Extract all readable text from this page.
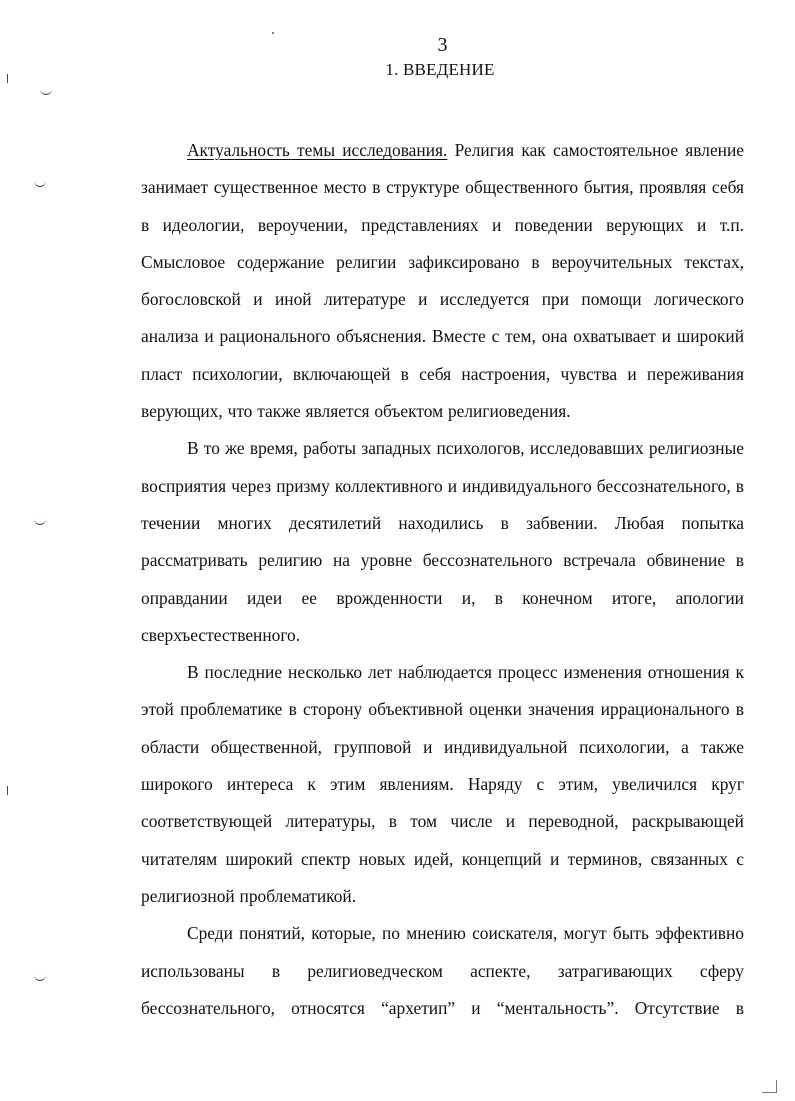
3
1. ВВЕДЕНИЕ

Актуальность темы исследования. Религия как самостоятельное явление занимает существенное место в структуре общественного бытия, проявляя себя в идеологии, вероучении, представлениях и поведении верующих и т.п. Смысловое содержание религии зафиксировано в вероучительных текстах, богословской и иной литературе и исследуется при помощи логического анализа и рационального объяснения. Вместе с тем, она охватывает и широкий пласт психологии, включающей в себя настроения, чувства и переживания верующих, что также является объектом религиоведения.

В то же время, работы западных психологов, исследовавших религиозные восприятия через призму коллективного и индивидуального бессознательного, в течении многих десятилетий находились в забвении. Любая попытка рассматривать религию на уровне бессознательного встречала обвинение в оправдании идеи ее врожденности и, в конечном итоге, апологии сверхъестественного.

В последние несколько лет наблюдается процесс изменения отношения к этой проблематике в сторону объективной оценки значения иррационального в области общественной, групповой и индивидуальной психологии, а также широкого интереса к этим явлениям. Наряду с этим, увеличился круг соответствующей литературы, в том числе и переводной, раскрывающей читателям широкий спектр новых идей, концепций и терминов, связанных с религиозной проблематикой.

Среди понятий, которые, по мнению соискателя, могут быть эффективно использованы в религиоведческом аспекте, затрагивающих сферу бессознательного, относятся “архетип” и “ментальность”. Отсутствие в
